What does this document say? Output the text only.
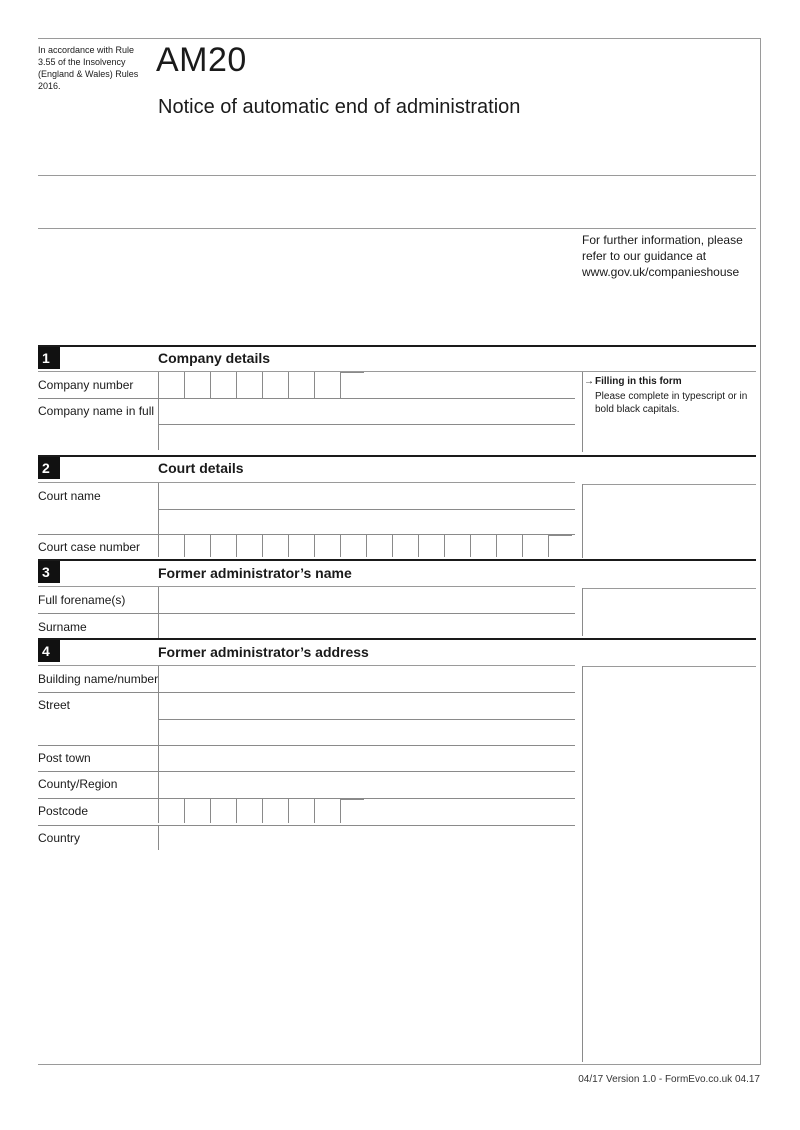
In accordance with Rule 3.55 of the Insolvency (England & Wales) Rules 2016.
AM20
Notice of automatic end of administration
For further information, please refer to our guidance at www.gov.uk/companieshouse
1	Company details
Company number
Company name in full
→ Filling in this form
Please complete in typescript or in bold black capitals.
2	Court details
Court name
Court case number
3	Former administrator’s name
Full forename(s)
Surname
4	Former administrator’s address
Building name/number
Street
Post town
County/Region
Postcode
Country
04/17 Version 1.0 - FormEvo.co.uk 04.17
